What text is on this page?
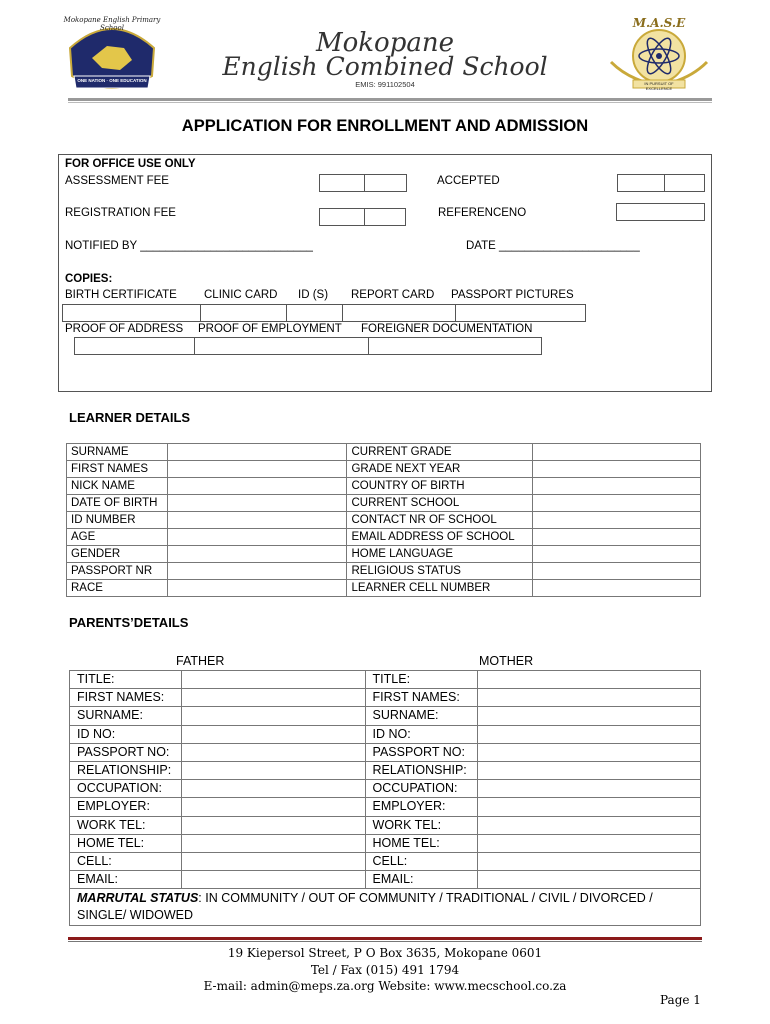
Mokopane English Primary School
ONE NATION · ONE EDUCATION
Mokopane
English Combined School
EMIS: 991102504
M.A.S.E
IN PURSUIT OF EXCELLENCE
APPLICATION FOR ENROLLMENT AND ADMISSION
FOR OFFICE USE ONLY
ASSESSMENT FEE	ACCEPTED
REGISTRATION FEE	REFERENCENO
NOTIFIED BY ___________________________	DATE ______________________
COPIES:
BIRTH CERTIFICATE CLINIC CARD ID (S) REPORT CARD PASSPORT PICTURES
PROOF OF ADDRESS PROOF OF EMPLOYMENT FOREIGNER DOCUMENTATION
LEARNER DETAILS
SURNAME		CURRENT GRADE	
FIRST NAMES		GRADE NEXT YEAR	
NICK NAME		COUNTRY OF BIRTH	
DATE OF BIRTH		CURRENT SCHOOL	
ID NUMBER		CONTACT NR OF SCHOOL	
AGE		EMAIL ADDRESS OF SCHOOL	
GENDER		HOME LANGUAGE	
PASSPORT NR		RELIGIOUS STATUS	
RACE		LEARNER CELL NUMBER	
PARENTS’DETAILS
FATHER	MOTHER
TITLE:		TITLE:	
FIRST NAMES:		FIRST NAMES:	
SURNAME:		SURNAME:	
ID NO:		ID NO:	
PASSPORT NO:		PASSPORT NO:	
RELATIONSHIP:		RELATIONSHIP:	
OCCUPATION:		OCCUPATION:	
EMPLOYER:		EMPLOYER:	
WORK TEL:		WORK TEL:	
HOME TEL:		HOME TEL:	
CELL:		CELL:	
EMAIL:		EMAIL:	
MARRUTAL STATUS: IN COMMUNITY / OUT OF COMMUNITY / TRADITIONAL / CIVIL / DIVORCED / SINGLE/ WIDOWED			
19 Kiepersol Street, P O Box 3635, Mokopane 0601
Tel / Fax (015) 491 1794
E-mail: admin@meps.za.org Website: www.mecschool.co.za
Page 1
